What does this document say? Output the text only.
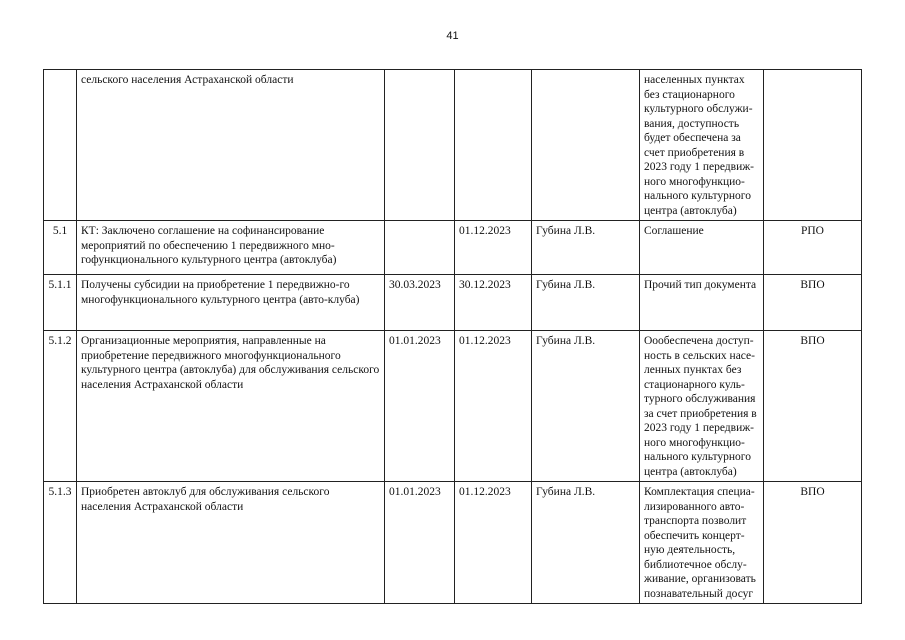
41
	сельского населения Астраханской области				населенных пунктах без стационарного культурного обслужи-вания, доступность будет обеспечена за счет приобретения в 2023 году 1 передвиж-ного многофункцио-нального культурного центра (автоклуба)	
5.1	КТ: Заключено соглашение на софинансирование мероприятий по обеспечению 1 передвижного мно-гофункционального культурного центра (автоклуба)		01.12.2023	Губина Л.В.	Соглашение	РПО
5.1.1	Получены субсидии на приобретение 1 передвижно-го многофункционального культурного центра (авто-клуба)	30.03.2023	30.12.2023	Губина Л.В.	Прочий тип документа	ВПО
5.1.2	Организационные мероприятия, направленные на приобретение передвижного многофункционального культурного центра (автоклуба) для обслуживания сельского населения Астраханской области	01.01.2023	01.12.2023	Губина Л.В.	Оообеспечена доступ-ность в сельских насе-ленных пунктах без стационарного куль-турного обслуживания за счет приобретения в 2023 году 1 передвиж-ного многофункцио-нального культурного центра (автоклуба)	ВПО
5.1.3	Приобретен автоклуб для обслуживания сельского населения Астраханской области	01.01.2023	01.12.2023	Губина Л.В.	Комплектация специа-лизированного авто-транспорта позволит обеспечить концерт-ную деятельность, библиотечное обслу-живание, организовать познавательный досуг	ВПО
